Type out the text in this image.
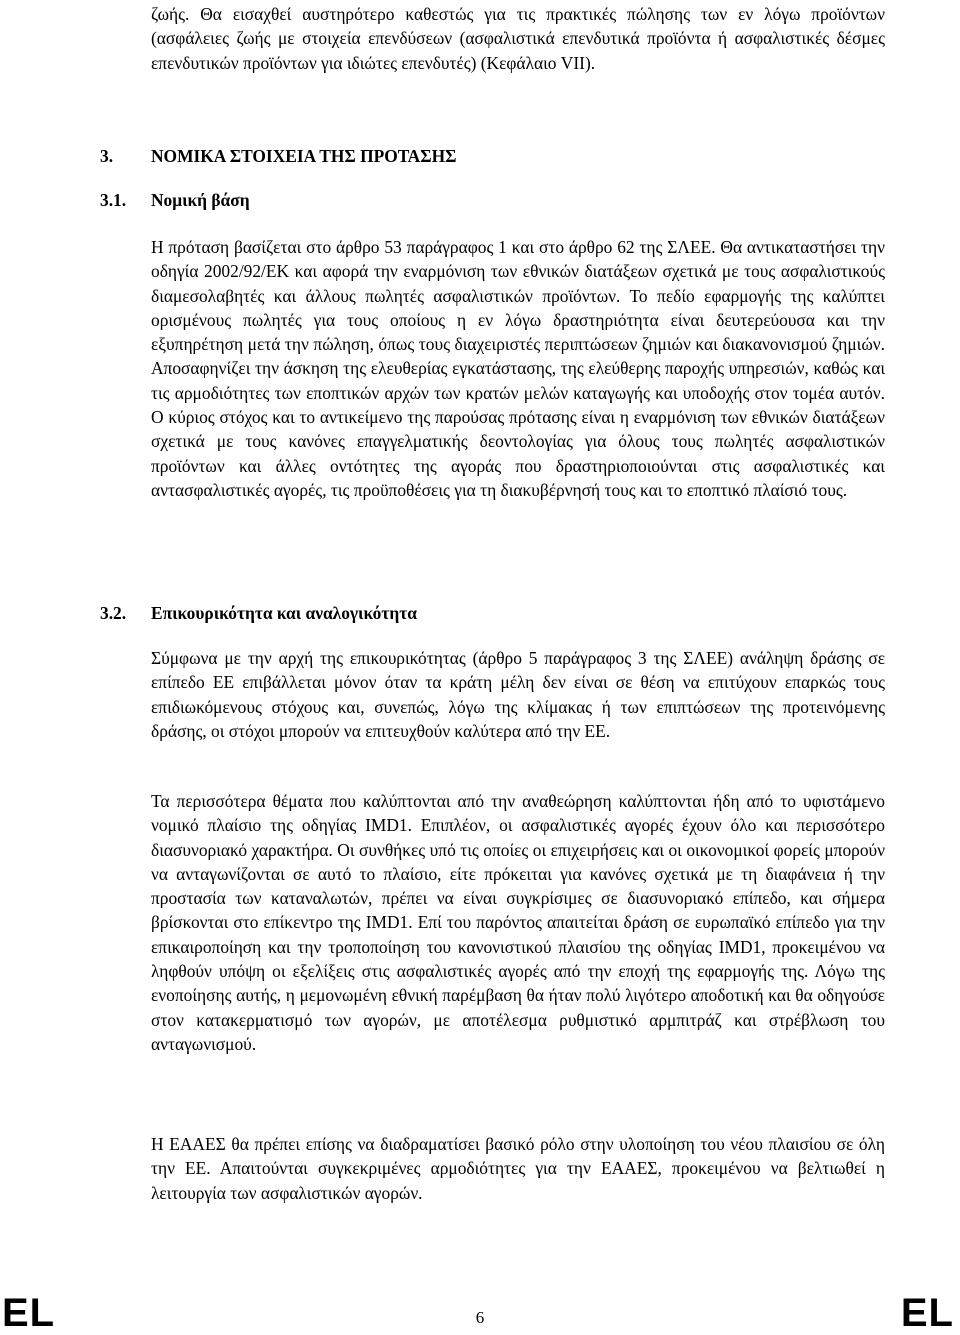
ζωής. Θα εισαχθεί αυστηρότερο καθεστώς για τις πρακτικές πώλησης των εν λόγω προϊόντων (ασφάλειες ζωής με στοιχεία επενδύσεων (ασφαλιστικά επενδυτικά προϊόντα ή ασφαλιστικές δέσμες επενδυτικών προϊόντων για ιδιώτες επενδυτές) (Κεφάλαιο VII).

3. ΝΟΜΙΚΑ ΣΤΟΙΧΕΙΑ ΤΗΣ ΠΡΟΤΑΣΗΣ
3.1. Νομική βάση

Η πρόταση βασίζεται στο άρθρο 53 παράγραφος 1 και στο άρθρο 62 της ΣΛΕΕ. Θα αντικαταστήσει την οδηγία 2002/92/ΕΚ και αφορά την εναρμόνιση των εθνικών διατάξεων σχετικά με τους ασφαλιστικούς διαμεσολαβητές και άλλους πωλητές ασφαλιστικών προϊόντων. Το πεδίο εφαρμογής της καλύπτει ορισμένους πωλητές για τους οποίους η εν λόγω δραστηριότητα είναι δευτερεύουσα και την εξυπηρέτηση μετά την πώληση, όπως τους διαχειριστές περιπτώσεων ζημιών και διακανονισμού ζημιών. Αποσαφηνίζει την άσκηση της ελευθερίας εγκατάστασης, της ελεύθερης παροχής υπηρεσιών, καθώς και τις αρμοδιότητες των εποπτικών αρχών των κρατών μελών καταγωγής και υποδοχής στον τομέα αυτόν. Ο κύριος στόχος και το αντικείμενο της παρούσας πρότασης είναι η εναρμόνιση των εθνικών διατάξεων σχετικά με τους κανόνες επαγγελματικής δεοντολογίας για όλους τους πωλητές ασφαλιστικών προϊόντων και άλλες οντότητες της αγοράς που δραστηριοποιούνται στις ασφαλιστικές και αντασφαλιστικές αγορές, τις προϋποθέσεις για τη διακυβέρνησή τους και το εποπτικό πλαίσιό τους.

3.2. Επικουρικότητα και αναλογικότητα

Σύμφωνα με την αρχή της επικουρικότητας (άρθρο 5 παράγραφος 3 της ΣΛΕΕ) ανάληψη δράσης σε επίπεδο ΕΕ επιβάλλεται μόνον όταν τα κράτη μέλη δεν είναι σε θέση να επιτύχουν επαρκώς τους επιδιωκόμενους στόχους και, συνεπώς, λόγω της κλίμακας ή των επιπτώσεων της προτεινόμενης δράσης, οι στόχοι μπορούν να επιτευχθούν καλύτερα από την ΕΕ.

Τα περισσότερα θέματα που καλύπτονται από την αναθεώρηση καλύπτονται ήδη από το υφιστάμενο νομικό πλαίσιο της οδηγίας IMD1. Επιπλέον, οι ασφαλιστικές αγορές έχουν όλο και περισσότερο διασυνοριακό χαρακτήρα. Οι συνθήκες υπό τις οποίες οι επιχειρήσεις και οι οικονομικοί φορείς μπορούν να ανταγωνίζονται σε αυτό το πλαίσιο, είτε πρόκειται για κανόνες σχετικά με τη διαφάνεια ή την προστασία των καταναλωτών, πρέπει να είναι συγκρίσιμες σε διασυνοριακό επίπεδο, και σήμερα βρίσκονται στο επίκεντρο της IMD1. Επί του παρόντος απαιτείται δράση σε ευρωπαϊκό επίπεδο για την επικαιροποίηση και την τροποποίηση του κανονιστικού πλαισίου της οδηγίας IMD1, προκειμένου να ληφθούν υπόψη οι εξελίξεις στις ασφαλιστικές αγορές από την εποχή της εφαρμογής της. Λόγω της ενοποίησης αυτής, η μεμονωμένη εθνική παρέμβαση θα ήταν πολύ λιγότερο αποδοτική και θα οδηγούσε στον κατακερματισμό των αγορών, με αποτέλεσμα ρυθμιστικό αρμπιτράζ και στρέβλωση του ανταγωνισμού.

Η ΕΑΑΕΣ θα πρέπει επίσης να διαδραματίσει βασικό ρόλο στην υλοποίηση του νέου πλαισίου σε όλη την ΕΕ. Απαιτούνται συγκεκριμένες αρμοδιότητες για την ΕΑΑΕΣ, προκειμένου να βελτιωθεί η λειτουργία των ασφαλιστικών αγορών.

EL	6	EL
